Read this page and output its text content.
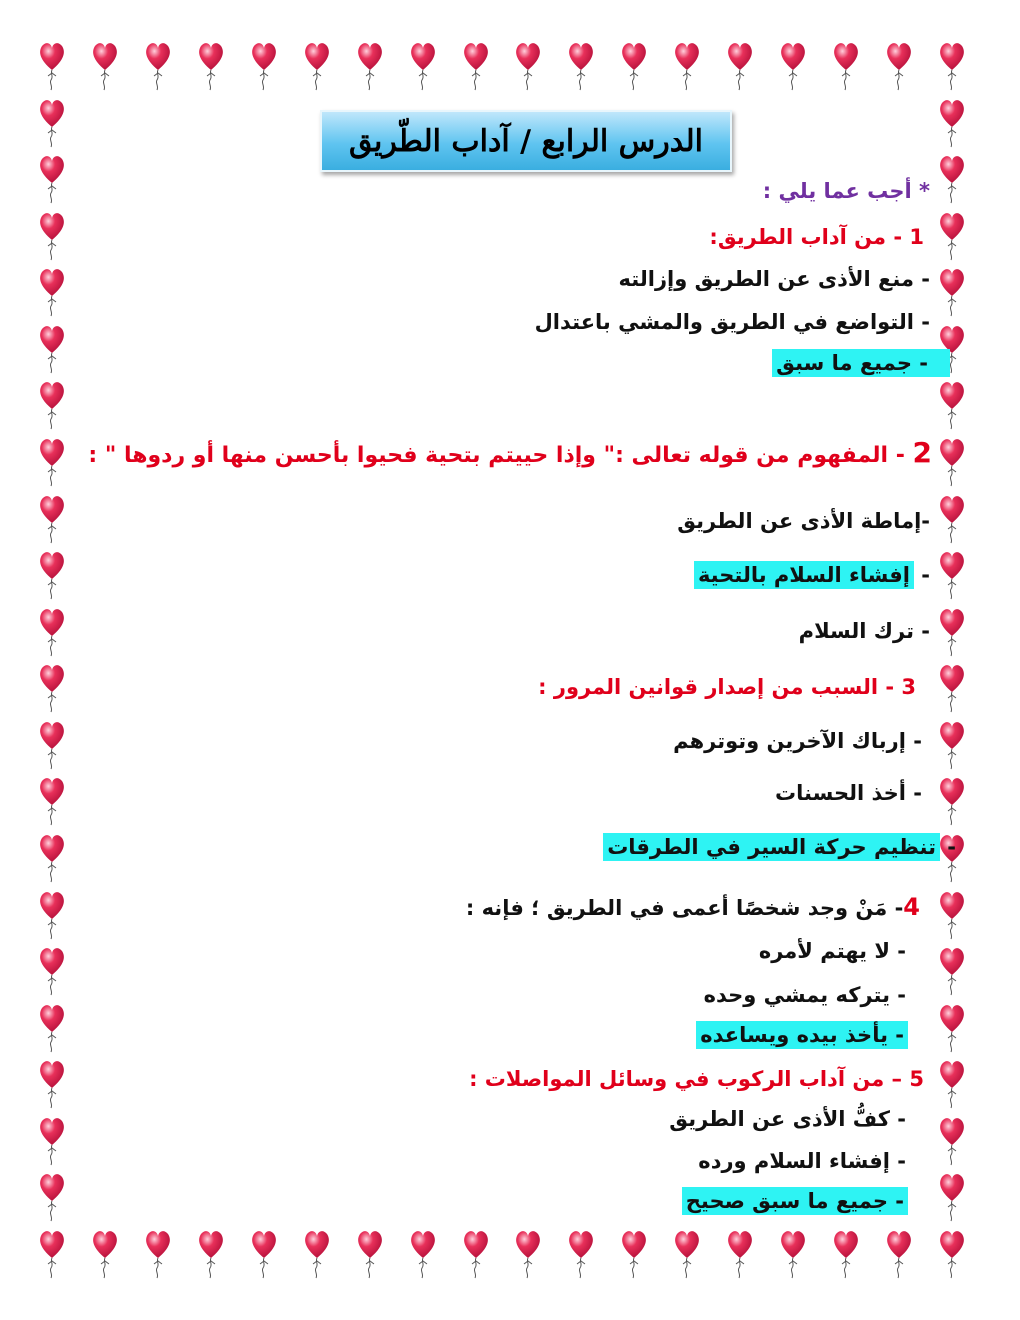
الدرس الرابع / آداب الطّريق
* أجب عما يلي :
1 - من آداب الطريق:
- منع الأذى عن الطريق وإزالته
- التواضع في الطريق والمشي باعتدال
- جميع ما سبق
2 - المفهوم من قوله تعالى :" وإذا حييتم بتحية فحيوا بأحسن منها أو ردوها " :
-إماطة الأذى عن الطريق
- إفشاء السلام بالتحية
- ترك السلام
3 - السبب من إصدار قوانين المرور :
- إرباك الآخرين وتوترهم
- أخذ الحسنات
- تنظيم حركة السير في الطرقات
4- مَنْ وجد شخصًا أعمى في الطريق ؛ فإنه :
- لا يهتم لأمره
- يتركه يمشي وحده
- يأخذ بيده ويساعده
5 – من آداب الركوب في وسائل المواصلات :
- كفُّ الأذى عن الطريق
- إفشاء السلام ورده
- جميع ما سبق صحيح
